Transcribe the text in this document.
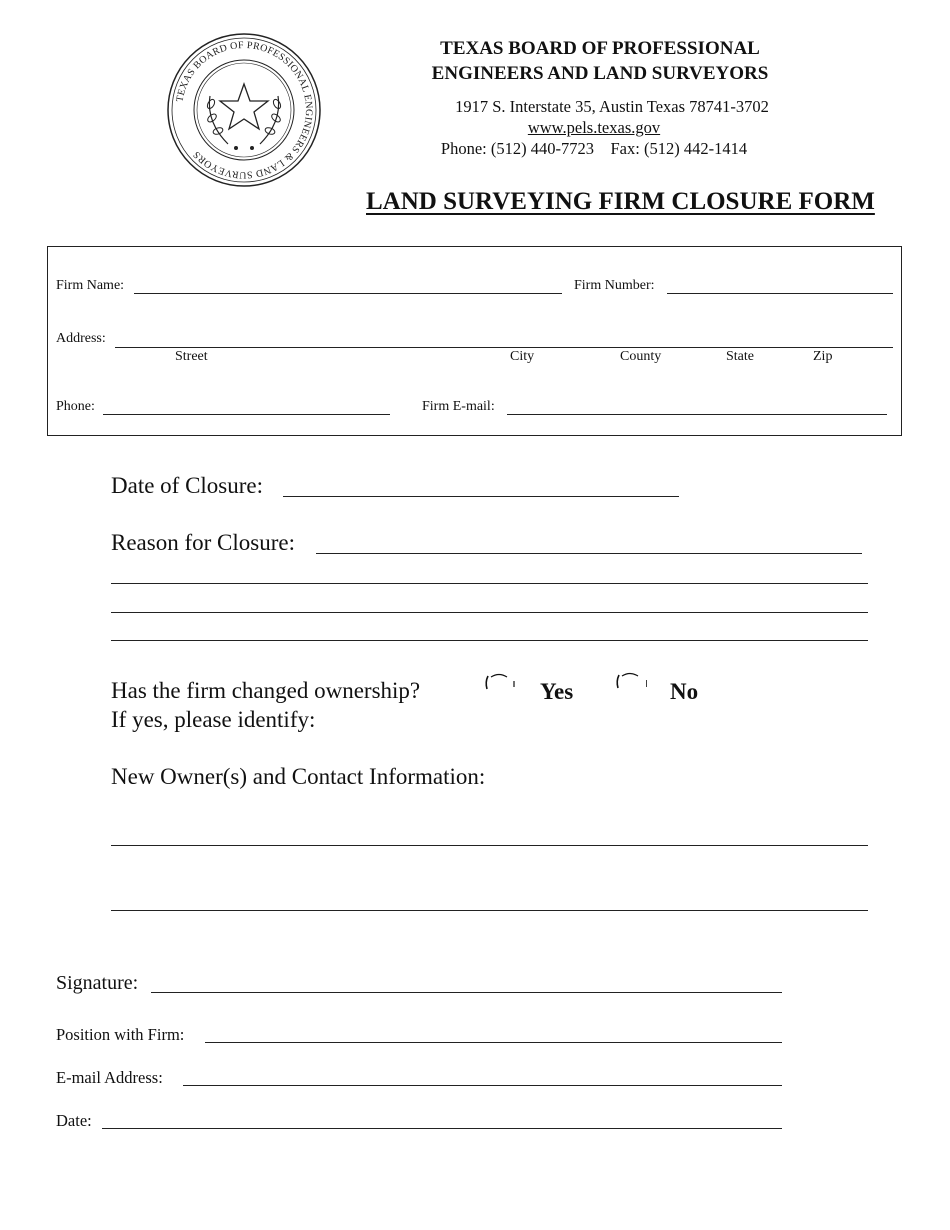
TEXAS BOARD OF PROFESSIONAL ENGINEERS & LAND SURVEYORS
TEXAS BOARD OF PROFESSIONAL
ENGINEERS AND LAND SURVEYORS
1917 S. Interstate 35, Austin Texas 78741-3702
www.pels.texas.gov
Phone: (512) 440-7723 Fax: (512) 442-1414
LAND SURVEYING FIRM CLOSURE FORM
Firm Name:	Firm Number:
Address:
Street	City	County	State	Zip
Phone:	Firm E-mail:
Date of Closure:
Reason for Closure:
Has the firm changed ownership?	Yes	No
If yes, please identify:
New Owner(s) and Contact Information:
Signature:
Position with Firm:
E-mail Address:
Date:
